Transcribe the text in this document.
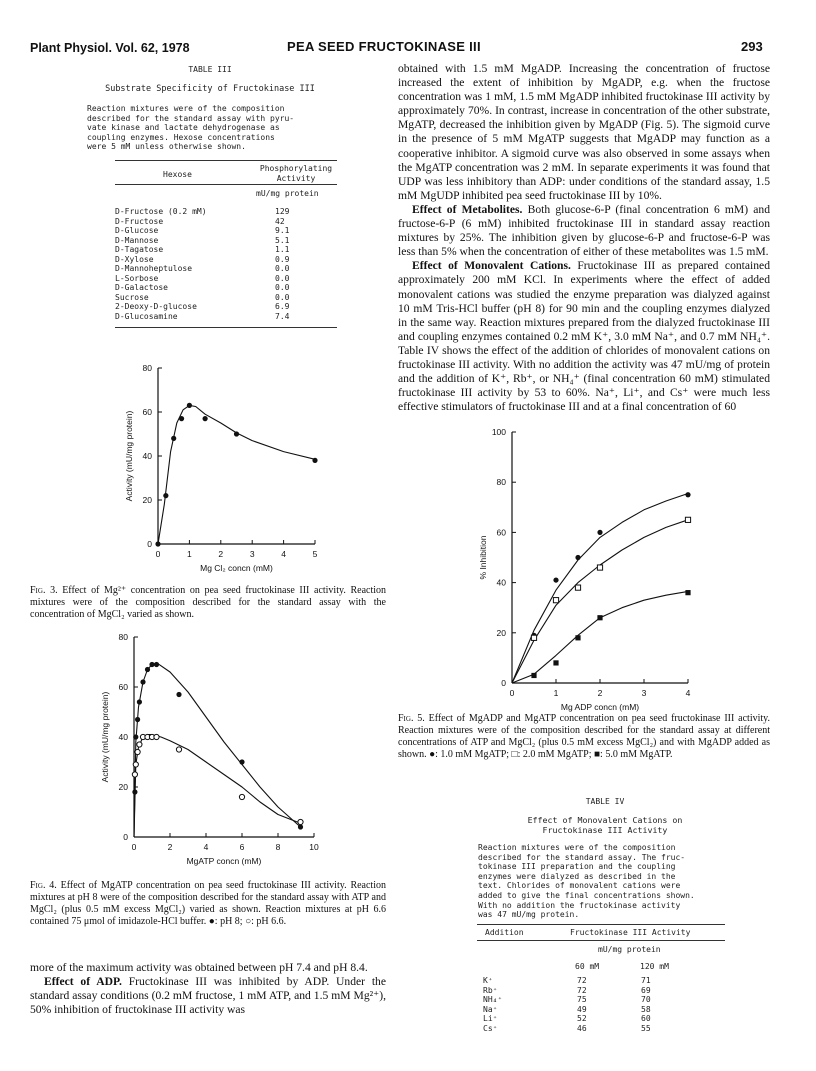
Plant Physiol. Vol. 62, 1978	PEA SEED FRUCTOKINASE III	293
TABLE III
Substrate Specificity of Fructokinase III
Reaction mixtures were of the composition
described for the standard assay with pyru-
vate kinase and lactate dehydrogenase as
coupling enzymes. Hexose concentrations
were 5 mM unless otherwise shown.
Hexose
Phosphorylating
Activity
mU/mg protein
D-Fructose (0.2 mM)	129
D-Fructose	42
D-Glucose	9.1
D-Mannose	5.1
D-Tagatose	1.1
D-Xylose	0.9
D-Mannoheptulose	0.0
L-Sorbose	0.0
D-Galactose	0.0
Sucrose	0.0
2-Deoxy-D-glucose	6.9
D-Glucosamine	7.4
0
20
40
60
80
0	1	2	3	4	5
Mg Cl₂ concn (mM)
Activity (mU/mg protein)
Fig. 3. Effect of Mg²⁺ concentration on pea seed fructokinase III activity. Reaction mixtures were of the composition described for the standard assay with the concentration of MgCl₂ varied as shown.
0
20
40
60
80
0	2	4	6	8	10
MgATP concn (mM)
Activity (mU/mg protein)
Fig. 4. Effect of MgATP concentration on pea seed fructokinase III activity. Reaction mixtures at pH 8 were of the composition described for the standard assay with ATP and MgCl₂ (plus 0.5 mM excess MgCl₂) varied as shown. Reaction mixtures at pH 6.6 contained 75 μmol of imidazole-HCl buffer. ●: pH 8; ○: pH 6.6.

more of the maximum activity was obtained between pH 7.4 and pH 8.4.

Effect of ADP. Fructokinase III was inhibited by ADP. Under the standard assay conditions (0.2 mM fructose, 1 mM ATP, and 1.5 mM Mg²⁺), 50% inhibition of fructokinase III activity was

obtained with 1.5 mM MgADP. Increasing the concentration of fructose increased the extent of inhibition by MgADP, e.g. when the fructose concentration was 1 mM, 1.5 mM MgADP inhibited fructokinase III activity by approximately 70%. In contrast, increase in concentration of the other substrate, MgATP, decreased the inhibition given by MgADP (Fig. 5). The sigmoid curve in the presence of 5 mM MgATP suggests that MgADP may function as a cooperative inhibitor. A sigmoid curve was also observed in some assays when the MgATP concentration was 2 mM. In separate experiments it was found that UDP was less inhibitory than ADP: under conditions of the standard assay, 1.5 mM MgUDP inhibited pea seed fructokinase III by 10%.

Effect of Metabolites. Both glucose-6-P (final concentration 6 mM) and fructose-6-P (6 mM) inhibited fructokinase III in standard assay reaction mixtures by 25%. The inhibition given by glucose-6-P and fructose-6-P was less than 5% when the concentration of either of these metabolites was 1.5 mM.

Effect of Monovalent Cations. Fructokinase III as prepared contained approximately 200 mM KCl. In experiments where the effect of added monovalent cations was studied the enzyme preparation was dialyzed against 10 mM Tris-HCl buffer (pH 8) for 90 min and the coupling enzymes dialyzed in the same way. Reaction mixtures prepared from the dialyzed fructokinase III and coupling enzymes contained 0.2 mM K⁺, 3.0 mM Na⁺, and 0.7 mM NH₄⁺. Table IV shows the effect of the addition of chlorides of monovalent cations on fructokinase III activity. With no addition the activity was 47 mU/mg of protein and the addition of K⁺, Rb⁺, or NH₄⁺ (final concentration 60 mM) stimulated fructokinase III activity by 53 to 60%. Na⁺, Li⁺, and Cs⁺ were much less effective stimulators of fructokinase III and at a final concentration of 60

0
20
40
60
80
100
0	1	2	3	4
Mg ADP concn (mM)
% Inhibition
Fig. 5. Effect of MgADP and MgATP concentration on pea seed fructokinase III activity. Reaction mixtures were of the composition described for the standard assay at different concentrations of ATP and MgCl₂ (plus 0.5 mM excess MgCl₂) and with MgADP added as shown. ●: 1.0 mM MgATP; □: 2.0 mM MgATP; ■: 5.0 mM MgATP.
TABLE IV
Effect of Monovalent Cations on
Fructokinase III Activity
Reaction mixtures were of the composition
described for the standard assay. The fruc-
tokinase III preparation and the coupling
enzymes were dialyzed as described in the
text. Chlorides of monovalent cations were
added to give the final concentrations shown.
With no addition the fructokinase activity
was 47 mU/mg protein.
Addition	Fructokinase III Activity
mU/mg protein
60 mM	120 mM
K⁺	72	71
Rb⁺	72	69
NH₄⁺	75	70
Na⁺	49	58
Li⁺	52	60
Cs⁺	46	55
